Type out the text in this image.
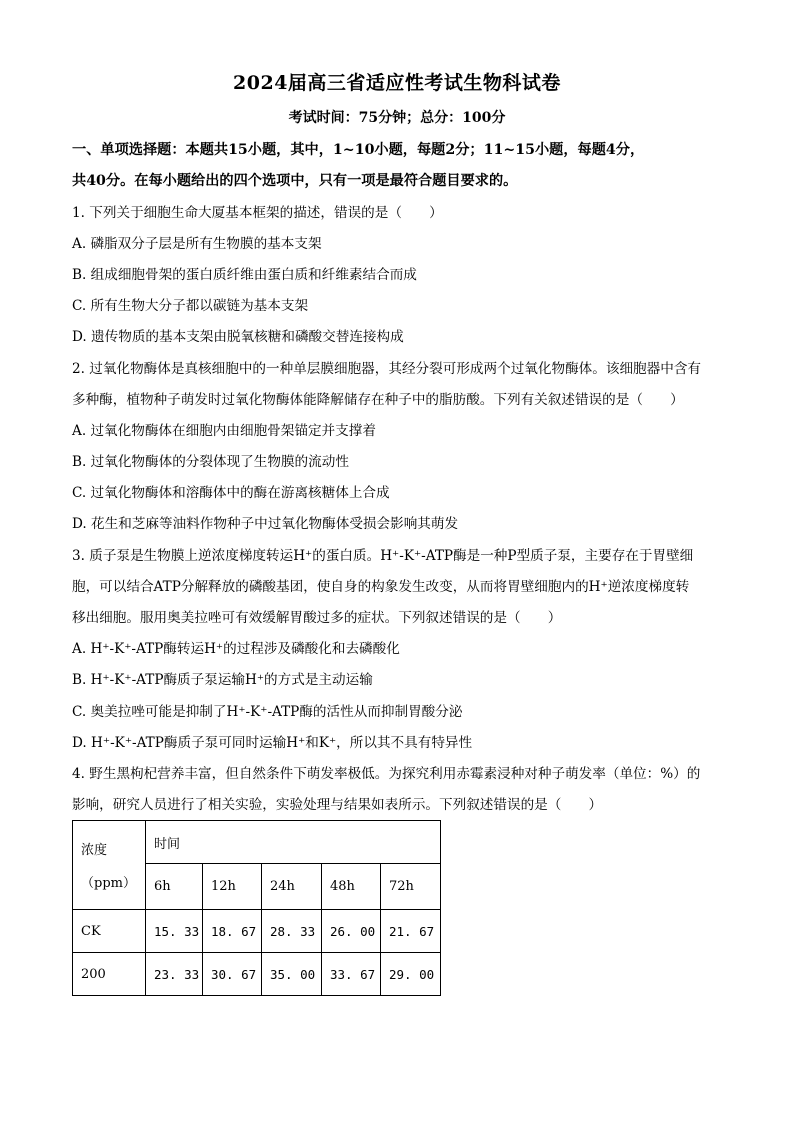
2024届高三省适应性考试生物科试卷
考试时间：75分钟；总分：100分
一、单项选择题：本题共15小题，其中，1~10小题，每题2分；11~15小题，每题4分，
共40分。在每小题给出的四个选项中，只有一项是最符合题目要求的。
1. 下列关于细胞生命大厦基本框架的描述，错误的是（　　）
A. 磷脂双分子层是所有生物膜的基本支架
B. 组成细胞骨架的蛋白质纤维由蛋白质和纤维素结合而成
C. 所有生物大分子都以碳链为基本支架
D. 遗传物质的基本支架由脱氧核糖和磷酸交替连接构成
2. 过氧化物酶体是真核细胞中的一种单层膜细胞器，其经分裂可形成两个过氧化物酶体。该细胞器中含有
多种酶，植物种子萌发时过氧化物酶体能降解储存在种子中的脂肪酸。下列有关叙述错误的是（　　）
A. 过氧化物酶体在细胞内由细胞骨架锚定并支撑着
B. 过氧化物酶体的分裂体现了生物膜的流动性
C. 过氧化物酶体和溶酶体中的酶在游离核糖体上合成
D. 花生和芝麻等油料作物种子中过氧化物酶体受损会影响其萌发
3. 质子泵是生物膜上逆浓度梯度转运H⁺的蛋白质。H⁺-K⁺-ATP酶是一种P型质子泵，主要存在于胃壁细
胞，可以结合ATP分解释放的磷酸基团，使自身的构象发生改变，从而将胃壁细胞内的H⁺逆浓度梯度转
移出细胞。服用奥美拉唑可有效缓解胃酸过多的症状。下列叙述错误的是（　　）
A. H⁺-K⁺-ATP酶转运H⁺的过程涉及磷酸化和去磷酸化
B. H⁺-K⁺-ATP酶质子泵运输H⁺的方式是主动运输
C. 奥美拉唑可能是抑制了H⁺-K⁺-ATP酶的活性从而抑制胃酸分泌
D. H⁺-K⁺-ATP酶质子泵可同时运输H⁺和K⁺，所以其不具有特异性
4. 野生黑枸杞营养丰富，但自然条件下萌发率极低。为探究利用赤霉素浸种对种子萌发率（单位：%）的
影响，研究人员进行了相关实验，实验处理与结果如表所示。下列叙述错误的是（　　）
浓度
（ppm）	时间				
	6h	12h	24h	48h	72h
CK	15. 33	18. 67	28. 33	26. 00	21. 67
200	23. 33	30. 67	35. 00	33. 67	29. 00
